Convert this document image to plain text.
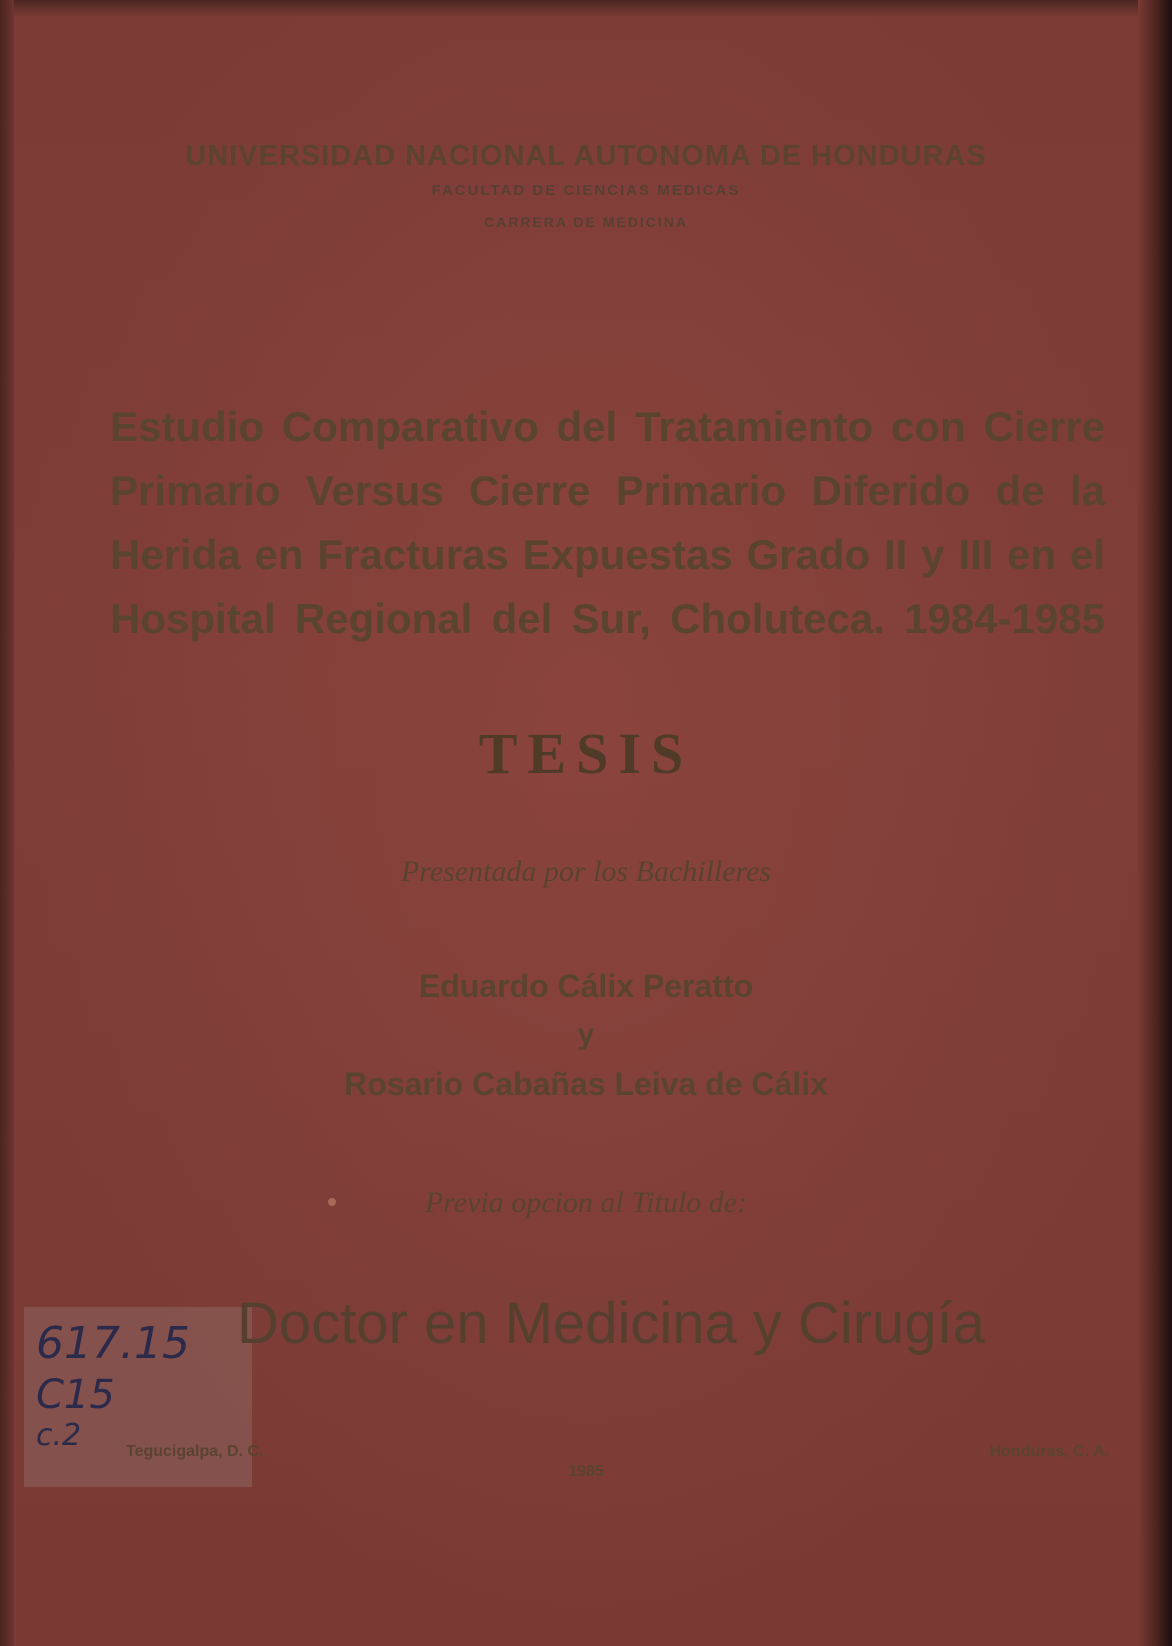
UNIVERSIDAD NACIONAL AUTONOMA DE HONDURAS
FACULTAD DE CIENCIAS MEDICAS
CARRERA DE MEDICINA
Estudio Comparativo del Tratamiento con Cierre Primario Versus Cierre Primario Diferido de la Herida en Fracturas Expuestas Grado II y III en el Hospital Regional del Sur, Choluteca. 1984-1985
TESIS
Presentada por los Bachilleres
Eduardo Cálix Peratto
y
Rosario Cabañas Leiva de Cálix
Previa opcion al Titulo de:
Doctor en Medicina y Cirugía
617.15
C15
c.2	Tegucigalpa, D. C.	Honduras, C. A.
1985
